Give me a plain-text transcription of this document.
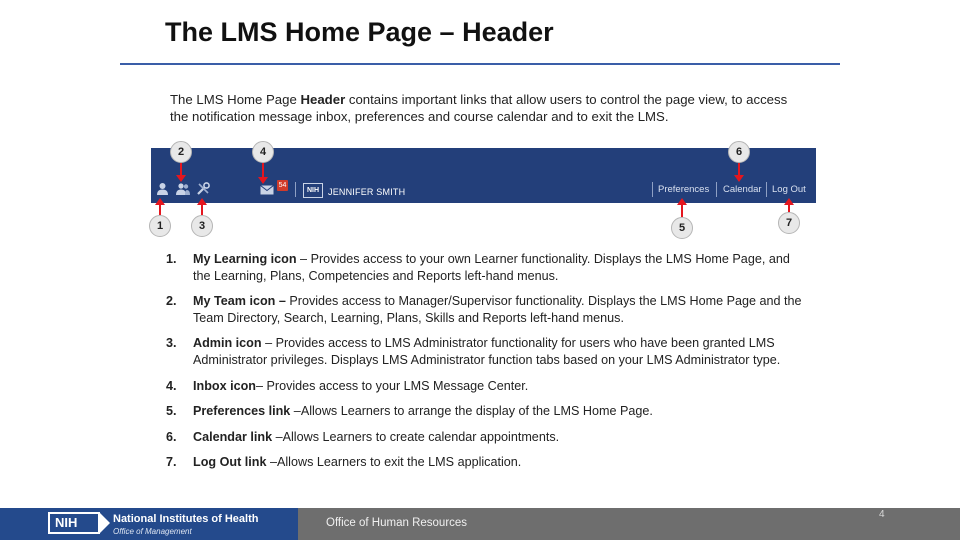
The LMS Home Page – Header
The LMS Home Page Header contains important links that allow users to control the page view, to access the notification message inbox, preferences and course calendar and to exit the LMS.
54
NIH JENNIFER SMITH	Preferences Calendar Log Out
2	4	6
1	3	5	7
1. My Learning icon – Provides access to your own Learner functionality. Displays the LMS Home Page, and the Learning, Plans, Competencies and Reports left-hand menus.
2. My Team icon – Provides access to Manager/Supervisor functionality. Displays the LMS Home Page and the Team Directory, Search, Learning, Plans, Skills and Reports left-hand menus.
3. Admin icon – Provides access to LMS Administrator functionality for users who have been granted LMS Administrator privileges. Displays LMS Administrator function tabs based on your LMS Administrator type.
4. Inbox icon– Provides access to your LMS Message Center.
5. Preferences link –Allows Learners to arrange the display of the LMS Home Page.
6. Calendar link –Allows Learners to create calendar appointments.
7. Log Out link –Allows Learners to exit the LMS application.
NIH	National Institutes of Health
Office of Management
Office of Human Resources
4
